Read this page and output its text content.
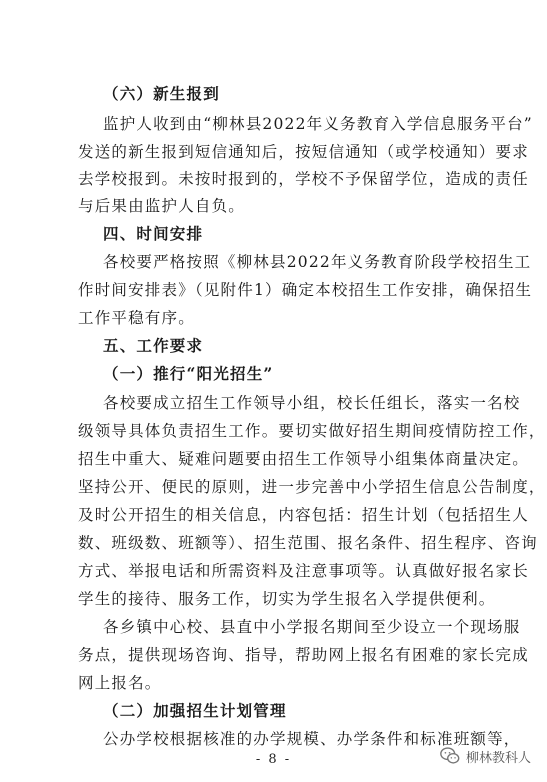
（六）新生报到
监护人收到由“柳林县2022年义务教育入学信息服务平台”
发送的新生报到短信通知后，按短信通知（或学校通知）要求
去学校报到。未按时报到的，学校不予保留学位，造成的责任
与后果由监护人自负。
四、时间安排
各校要严格按照《柳林县2022年义务教育阶段学校招生工
作时间安排表》（见附件1）确定本校招生工作安排，确保招生
工作平稳有序。
五、工作要求
（一）推行“阳光招生”
各校要成立招生工作领导小组，校长任组长，落实一名校
级领导具体负责招生工作。要切实做好招生期间疫情防控工作，
招生中重大、疑难问题要由招生工作领导小组集体商量决定。
坚持公开、便民的原则，进一步完善中小学招生信息公告制度，
及时公开招生的相关信息，内容包括：招生计划（包括招生人
数、班级数、班额等）、招生范围、报名条件、招生程序、咨询
方式、举报电话和所需资料及注意事项等。认真做好报名家长
学生的接待、服务工作，切实为学生报名入学提供便利。
各乡镇中心校、县直中小学报名期间至少设立一个现场服
务点，提供现场咨询、指导，帮助网上报名有困难的家长完成
网上报名。
（二）加强招生计划管理
公办学校根据核准的办学规模、办学条件和标准班额等，
- 8 -	柳林教科人
